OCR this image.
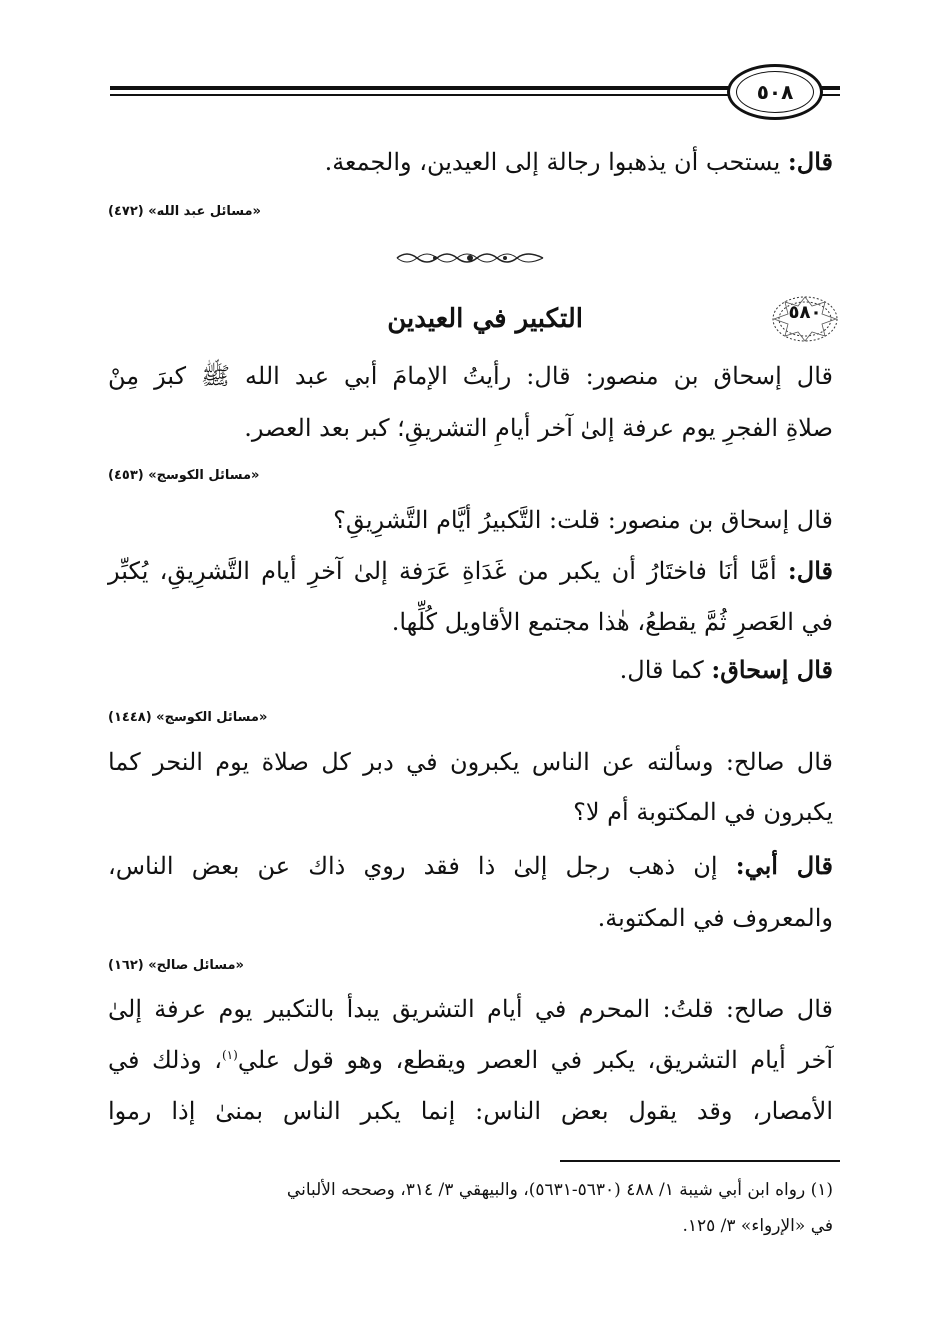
٥٠٨
قال: يستحب أن يذهبوا رجالة إلى العيدين، والجمعة.
«مسائل عبد الله» (٤٧٢)
٥٨٠
التكبير في العيدين
قال إسحاق بن منصور: قال: رأيتُ الإمامَ أبي عبد الله ﷺ كبرَ مِنْ
صلاةِ الفجرِ يوم عرفة إلىٰ آخر أيامِ التشريقِ؛ كبر بعد العصر.
«مسائل الكوسج» (٤٥٣)
قال إسحاق بن منصور: قلت: التَّكبيرُ أيَّام التَّشرِيقِ؟
قال: أمَّا أنَا فاختَارُ أن يكبر من غَدَاةِ عَرَفة إلىٰ آخرِ أيام التَّشرِيقِ، يُكبِّر
في العَصرِ ثُمَّ يقطعُ، هٰذا مجتمع الأقاويل كُلِّها.
قال إسحاق: كما قال.
«مسائل الكوسج» (١٤٤٨)
قال صالح: وسألته عن الناس يكبرون في دبر كل صلاة يوم النحر كما
يكبرون في المكتوبة أم لا؟
قال أبي: إن ذهب رجل إلىٰ ذا فقد روي ذاك عن بعض الناس،
والمعروف في المكتوبة.
«مسائل صالح» (١٦٢)
قال صالح: قلتُ: المحرم في أيام التشريق يبدأ بالتكبير يوم عرفة إلىٰ
آخر أيام التشريق، يكبر في العصر ويقطع، وهو قول علي$^{(١)}$، وذلك في
الأمصار، وقد يقول بعض الناس: إنما يكبر الناس بمنىٰ إذا رموا
(١) رواه ابن أبي شيبة ١/ ٤٨٨ (٥٦٣٠-٥٦٣١)، والبيهقي ٣/ ٣١٤، وصححه الألباني
في «الإرواء» ٣/ ١٢٥.
